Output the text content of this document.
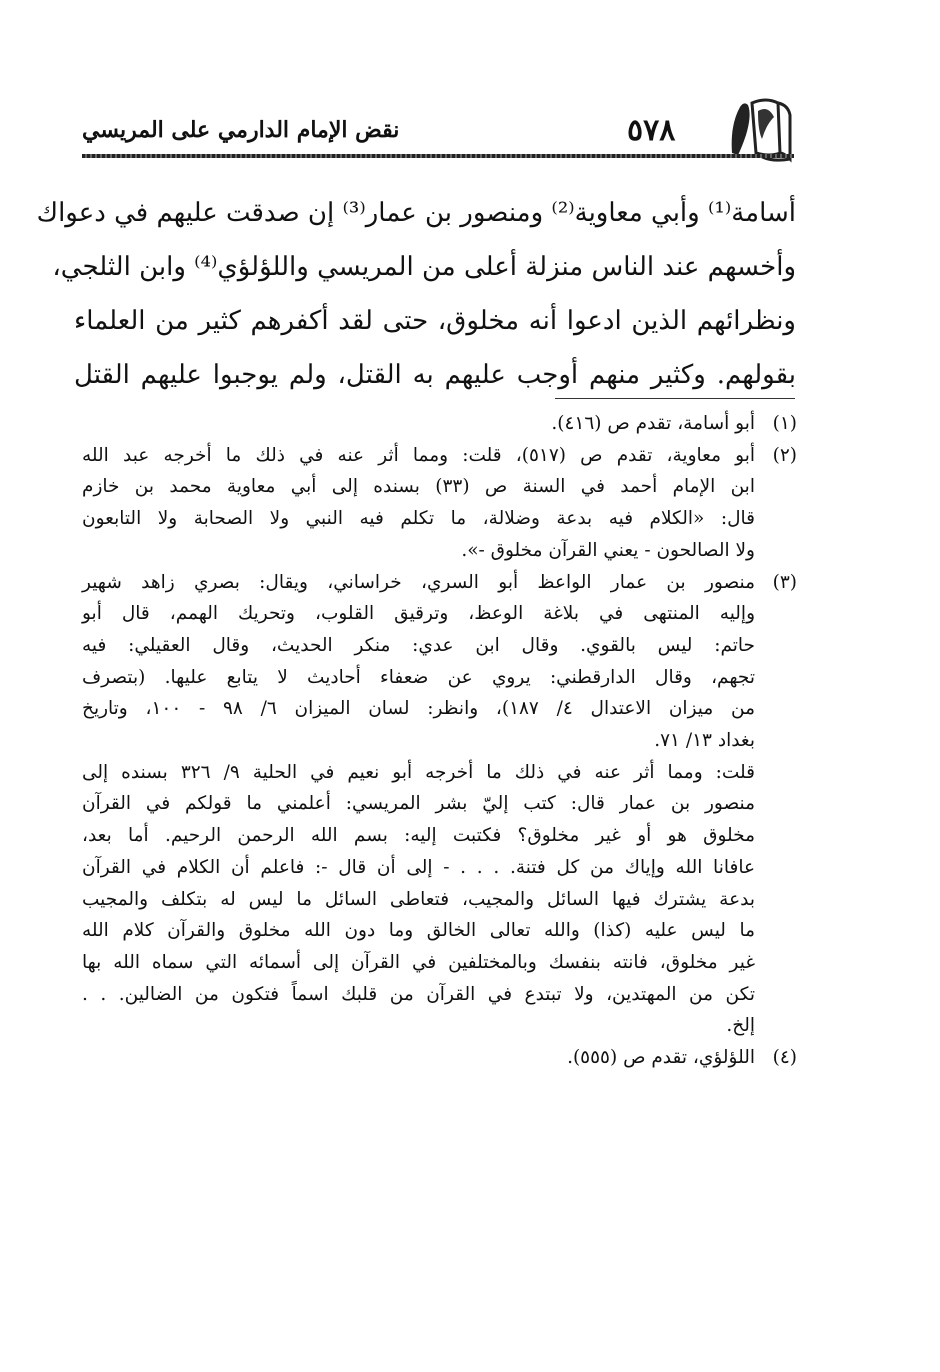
نقض الإمام الدارمي على المريسي	٥٧٨
أسامة⁽¹⁾ وأبي معاوية⁽²⁾ ومنصور بن عمار⁽³⁾ إن صدقت عليهم في دعواك
وأخسهم عند الناس منزلة أعلى من المريسي واللؤلؤي⁽⁴⁾ وابن الثلجي،
ونظرائهم الذين ادعوا أنه مخلوق، حتى لقد أكفرهم كثير من العلماء
بقولهم. وكثير منهم أوجب عليهم به القتل، ولم يوجبوا عليهم القتل
(١)
أبو أسامة، تقدم ص (٤١٦).
(٢)
أبو معاوية، تقدم ص (٥١٧)، قلت: ومما أثر عنه في ذلك ما أخرجه عبد الله
ابن الإمام أحمد في السنة ص (٣٣) بسنده إلى أبي معاوية محمد بن خازم
قال: «الكلام فيه بدعة وضلالة، ما تكلم فيه النبي ولا الصحابة ولا التابعون
ولا الصالحون - يعني القرآن مخلوق -».
(٣)
منصور بن عمار الواعظ أبو السري، خراساني، ويقال: بصري زاهد شهير
وإليه المنتهى في بلاغة الوعظ، وترقيق القلوب، وتحريك الهمم، قال أبو
حاتم: ليس بالقوي. وقال ابن عدي: منكر الحديث، وقال العقيلي: فيه
تجهم، وقال الدارقطني: يروي عن ضعفاء أحاديث لا يتابع عليها. (بتصرف
من ميزان الاعتدال ٤/ ١٨٧)، وانظر: لسان الميزان ٦/ ٩٨ - ١٠٠، وتاريخ
بغداد ١٣/ ٧١.
قلت: ومما أثر عنه في ذلك ما أخرجه أبو نعيم في الحلية ٩/ ٣٢٦ بسنده إلى
منصور بن عمار قال: كتب إليّ بشر المريسي: أعلمني ما قولكم في القرآن
مخلوق هو أو غير مخلوق؟ فكتبت إليه: بسم الله الرحمن الرحيم. أما بعد،
عافانا الله وإياك من كل فتنة. . . . - إلى أن قال -: فاعلم أن الكلام في القرآن
بدعة يشترك فيها السائل والمجيب، فتعاطى السائل ما ليس له بتكلف والمجيب
ما ليس عليه (كذا) والله تعالى الخالق وما دون الله مخلوق والقرآن كلام الله
غير مخلوق، فانته بنفسك وبالمختلفين في القرآن إلى أسمائه التي سماه الله بها
تكن من المهتدين، ولا تبتدع في القرآن من قلبك اسماً فتكون من الضالين. . .
إلخ.
(٤)
اللؤلؤي، تقدم ص (٥٥٥).
